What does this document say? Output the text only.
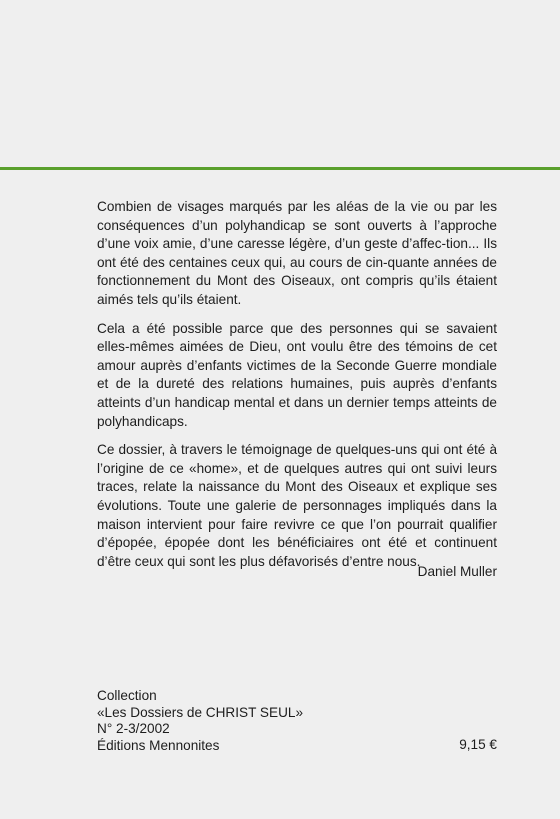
Combien de visages marqués par les aléas de la vie ou par les conséquences d’un polyhandicap se sont ouverts à l’approche d’une voix amie, d’une caresse légère, d’un geste d’affec-tion... Ils ont été des centaines ceux qui, au cours de cin-quante années de fonctionnement du Mont des Oiseaux, ont compris qu’ils étaient aimés tels qu’ils étaient.

Cela a été possible parce que des personnes qui se savaient elles-mêmes aimées de Dieu, ont voulu être des témoins de cet amour auprès d’enfants victimes de la Seconde Guerre mondiale et de la dureté des relations humaines, puis auprès d’enfants atteints d’un handicap mental et dans un dernier temps atteints de polyhandicaps.

Ce dossier, à travers le témoignage de quelques-uns qui ont été à l’origine de ce «home», et de quelques autres qui ont suivi leurs traces, relate la naissance du Mont des Oiseaux et explique ses évolutions. Toute une galerie de personnages impliqués dans la maison intervient pour faire revivre ce que l’on pourrait qualifier d’épopée, épopée dont les bénéficiaires ont été et continuent d’être ceux qui sont les plus défavorisés d’entre nous.

Daniel Muller
Collection
«Les Dossiers de CHRIST SEUL»
N° 2-3/2002
Éditions Mennonites	9,15 €
